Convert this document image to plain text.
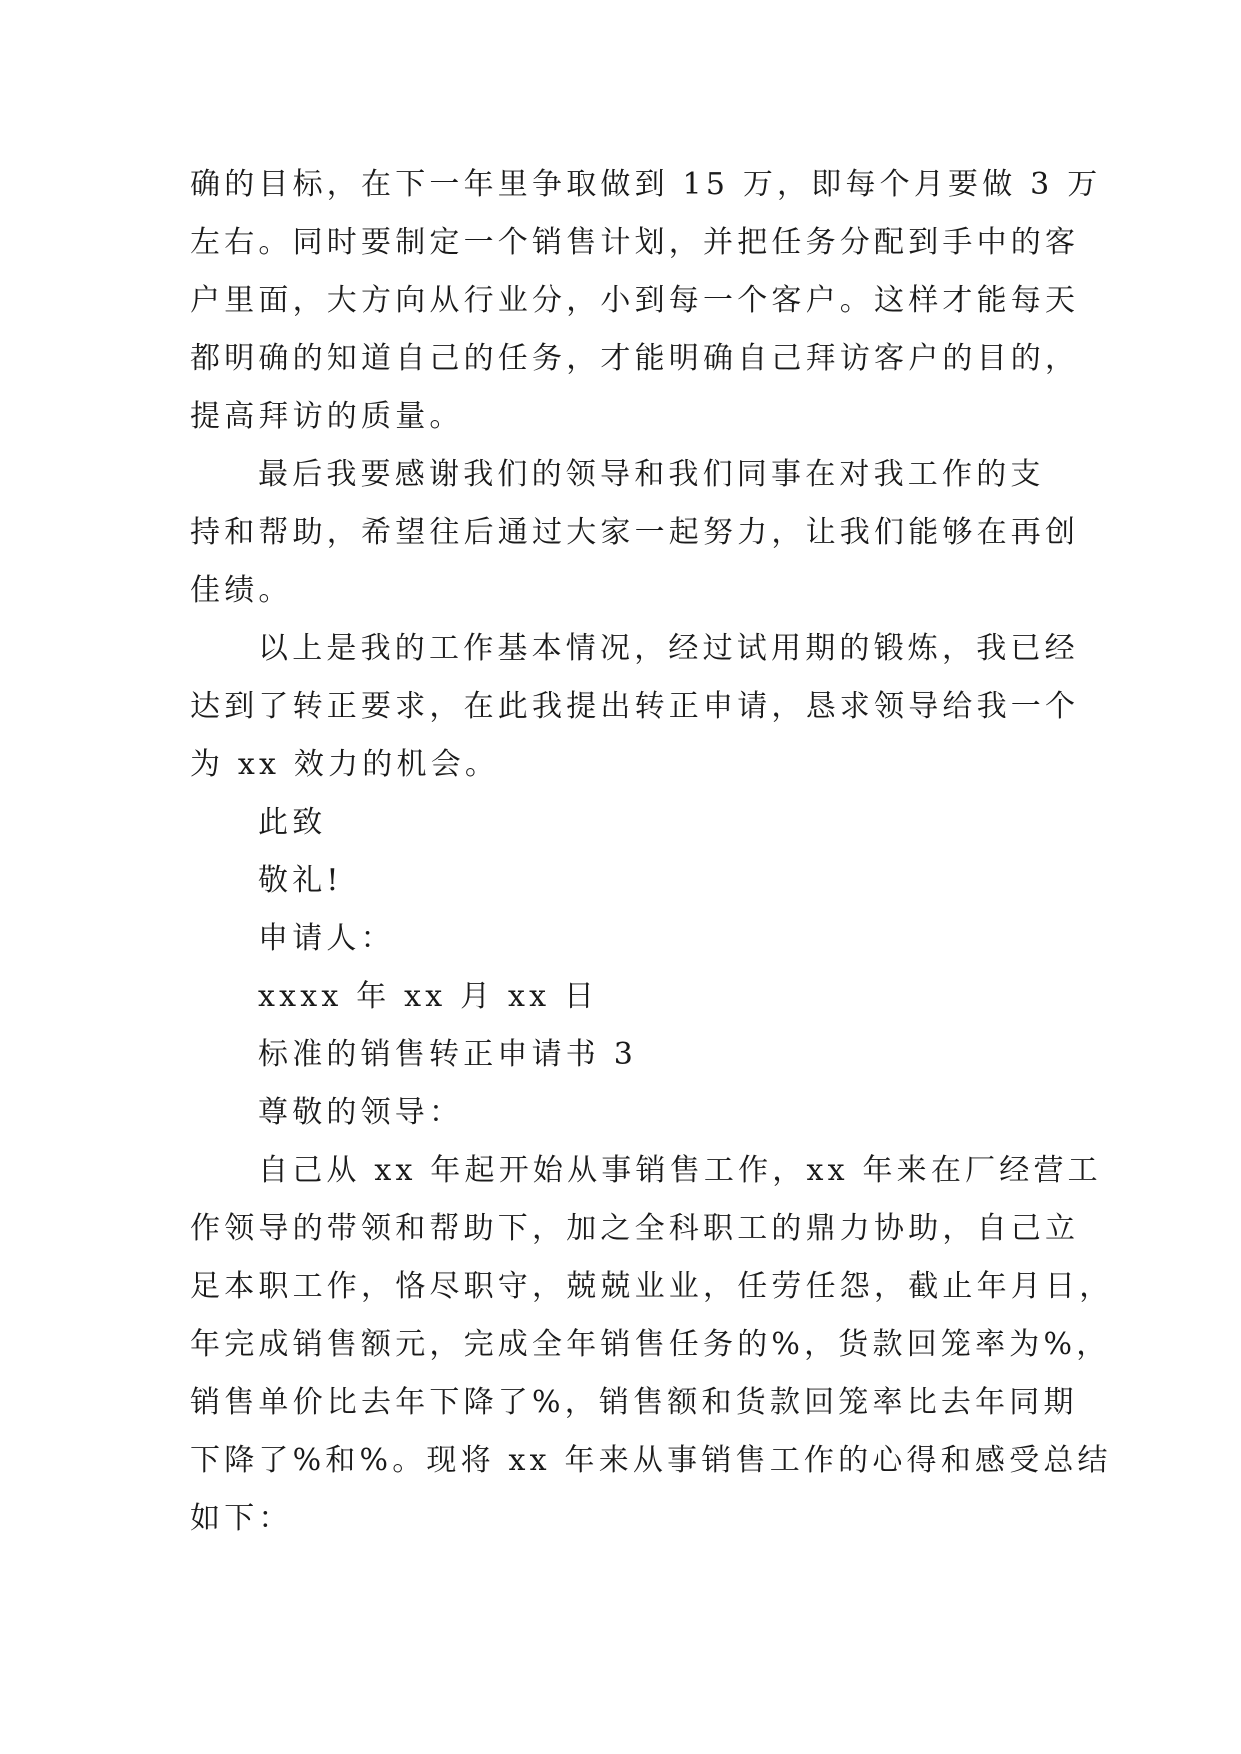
确的目标，在下一年里争取做到 15 万，即每个月要做 3 万
左右。同时要制定一个销售计划，并把任务分配到手中的客
户里面，大方向从行业分，小到每一个客户。这样才能每天
都明确的知道自己的任务，才能明确自己拜访客户的目的，
提高拜访的质量。
最后我要感谢我们的领导和我们同事在对我工作的支
持和帮助，希望往后通过大家一起努力，让我们能够在再创
佳绩。
以上是我的工作基本情况，经过试用期的锻炼，我已经
达到了转正要求，在此我提出转正申请，恳求领导给我一个
为 xx 效力的机会。
此致
敬礼!
申请人：
xxxx 年 xx 月 xx 日
标准的销售转正申请书 3
尊敬的领导：
自己从 xx 年起开始从事销售工作，xx 年来在厂经营工
作领导的带领和帮助下，加之全科职工的鼎力协助，自己立
足本职工作，恪尽职守，兢兢业业，任劳任怨，截止年月日，
年完成销售额元，完成全年销售任务的%，货款回笼率为%，
销售单价比去年下降了%，销售额和货款回笼率比去年同期
下降了%和%。现将 xx 年来从事销售工作的心得和感受总结
如下：
